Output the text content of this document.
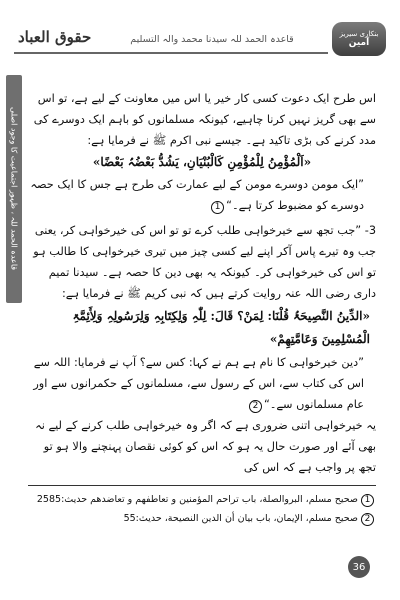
حقوق العباد	قاعدہ الحمد للہ سیدنا محمد وآلہ التسلیم	بنکاری سیریز
آمین
قاعدہ الحمد للہ ، ظہور اجتماعیت کا وجود اصلی

اس طرح ایک دعوت کسی کار خیر یا اس میں معاونت کے لیے ہے، تو اس سے بھی گریز نہیں کرنا چاہیے، کیونکہ مسلمانوں کو باہم ایک دوسرے کی مدد کرنے کی بڑی تاکید ہے۔ جیسے نبی اکرم ﷺ نے فرمایا ہے:

«اَلْمُؤْمِنُ لِلْمُؤْمِنِ کَالْبُنْیَانِ، یَشُدُّ بَعْضُہُ بَعْضًا»

”ایک مومن دوسرے مومن کے لیے عمارت کی طرح ہے جس کا ایک حصہ دوسرے کو مضبوط کرتا ہے۔“1

3- ”جب تجھ سے خیرخواہی طلب کرے تو تو اس کی خیرخواہی کر، یعنی جب وہ تیرے پاس آکر اپنے لیے کسی چیز میں تیری خیرخواہی کا طالب ہو تو اس کی خیرخواہی کر۔ کیونکہ یہ بھی دین کا حصہ ہے۔ سیدنا تمیم داری رضی اللہ عنہ روایت کرتے ہیں کہ نبی کریم ﷺ نے فرمایا ہے:

«الدِّینُ النَّصِیحَۃُ قُلْنَا: لِمَنْ؟ قَالَ: لِلّٰہِ وَلِکِتَابِہِ وَلِرَسُولِہِ وَلِأَئِمَّۃِ الْمُسْلِمِینَ وَعَامَّتِھِمْ»

”دین خیرخواہی کا نام ہے ہم نے کہا: کس سے؟ آپ نے فرمایا: اللہ سے اس کی کتاب سے، اس کے رسول سے، مسلمانوں کے حکمرانوں سے اور عام مسلمانوں سے۔“2

یہ خیرخواہی اتنی ضروری ہے کہ اگر وہ خیرخواہی طلب کرنے کے لیے نہ بھی آئے اور صورت حال یہ ہو کہ اس کو کوئی نقصان پہنچنے والا ہو تو تجھ پر واجب ہے کہ اس کی

1 صحیح مسلم، البروالصلة، باب تراحم المؤمنین و تعاطفهم و تعاضدهم حدیث:2585

2 صحیح مسلم، الإیمان، باب بیان أن الدین النصیحة، حدیث:55

36
